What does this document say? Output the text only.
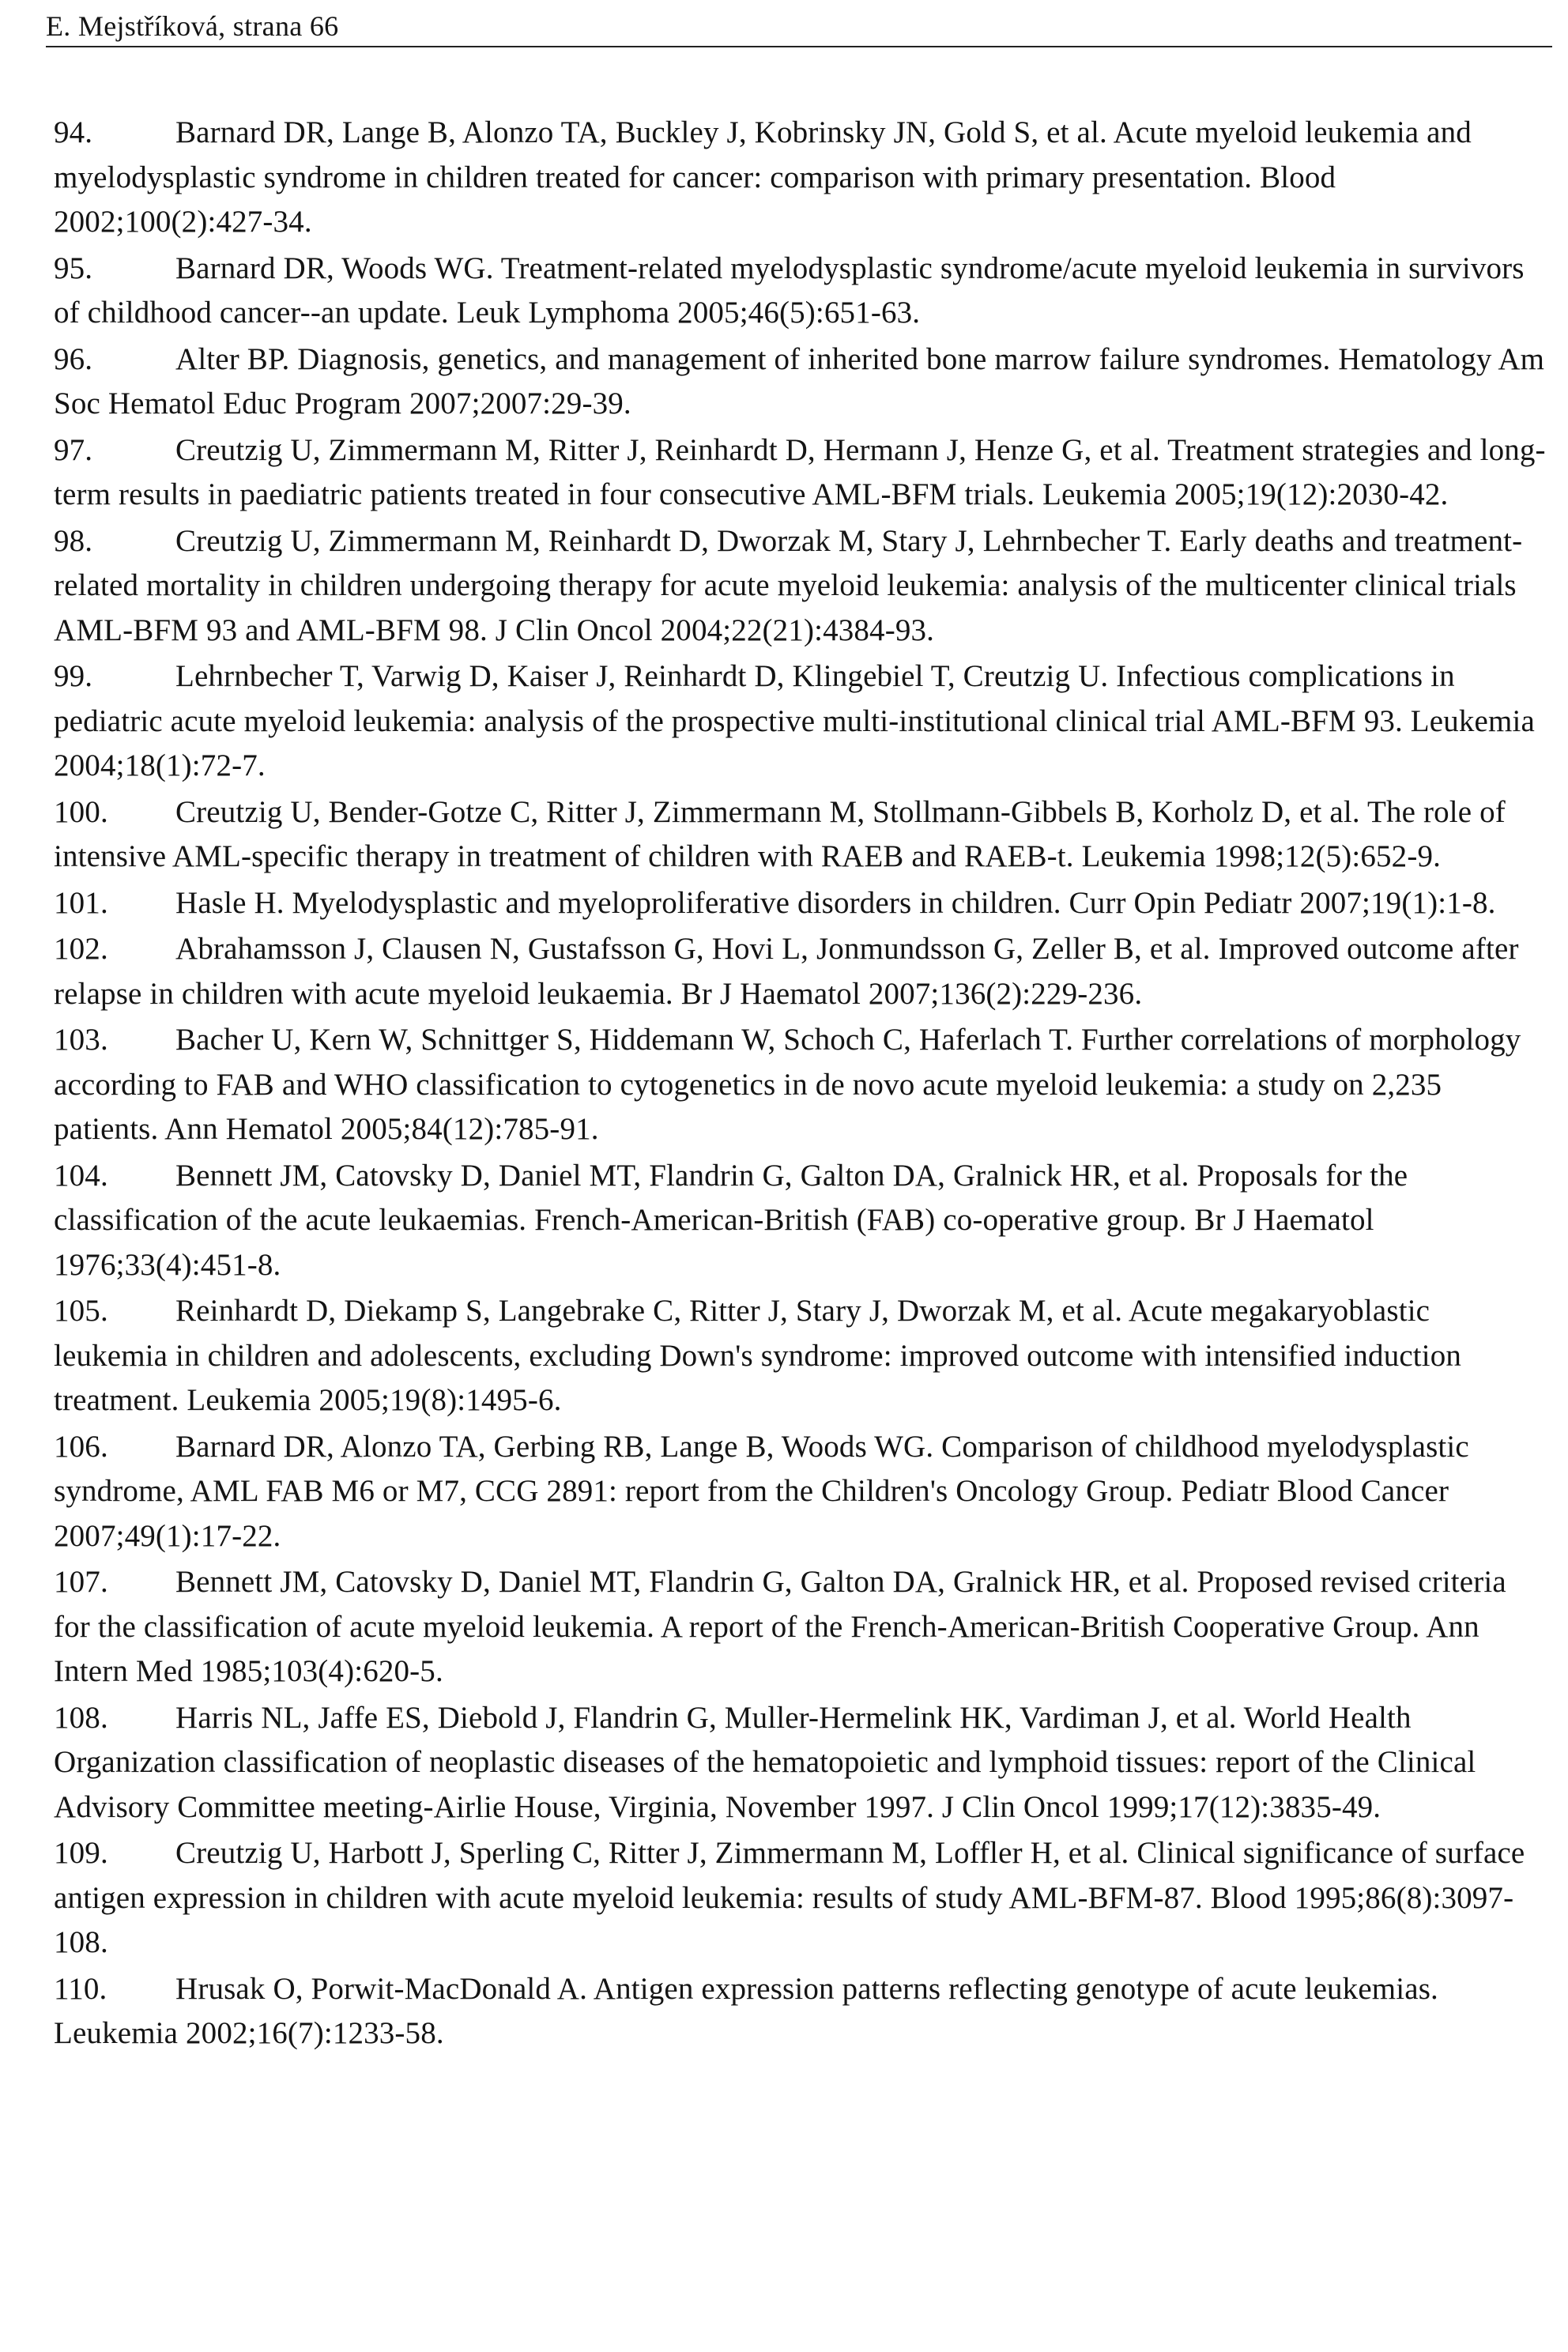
E. Mejstříková, strana 66
94.	Barnard DR, Lange B, Alonzo TA, Buckley J, Kobrinsky JN, Gold S, et al. Acute myeloid leukemia and myelodysplastic syndrome in children treated for cancer: comparison with primary presentation. Blood 2002;100(2):427-34.
95.	Barnard DR, Woods WG. Treatment-related myelodysplastic syndrome/acute myeloid leukemia in survivors of childhood cancer--an update. Leuk Lymphoma 2005;46(5):651-63.
96.	Alter BP. Diagnosis, genetics, and management of inherited bone marrow failure syndromes. Hematology Am Soc Hematol Educ Program 2007;2007:29-39.
97.	Creutzig U, Zimmermann M, Ritter J, Reinhardt D, Hermann J, Henze G, et al. Treatment strategies and long-term results in paediatric patients treated in four consecutive AML-BFM trials. Leukemia 2005;19(12):2030-42.
98.	Creutzig U, Zimmermann M, Reinhardt D, Dworzak M, Stary J, Lehrnbecher T. Early deaths and treatment-related mortality in children undergoing therapy for acute myeloid leukemia: analysis of the multicenter clinical trials AML-BFM 93 and AML-BFM 98. J Clin Oncol 2004;22(21):4384-93.
99.	Lehrnbecher T, Varwig D, Kaiser J, Reinhardt D, Klingebiel T, Creutzig U. Infectious complications in pediatric acute myeloid leukemia: analysis of the prospective multi-institutional clinical trial AML-BFM 93. Leukemia 2004;18(1):72-7.
100. Creutzig U, Bender-Gotze C, Ritter J, Zimmermann M, Stollmann-Gibbels B, Korholz D, et al. The role of intensive AML-specific therapy in treatment of children with RAEB and RAEB-t. Leukemia 1998;12(5):652-9.
101. Hasle H. Myelodysplastic and myeloproliferative disorders in children. Curr Opin Pediatr 2007;19(1):1-8.
102. Abrahamsson J, Clausen N, Gustafsson G, Hovi L, Jonmundsson G, Zeller B, et al. Improved outcome after relapse in children with acute myeloid leukaemia. Br J Haematol 2007;136(2):229-236.
103. Bacher U, Kern W, Schnittger S, Hiddemann W, Schoch C, Haferlach T. Further correlations of morphology according to FAB and WHO classification to cytogenetics in de novo acute myeloid leukemia: a study on 2,235 patients. Ann Hematol 2005;84(12):785-91.
104. Bennett JM, Catovsky D, Daniel MT, Flandrin G, Galton DA, Gralnick HR, et al. Proposals for the classification of the acute leukaemias. French-American-British (FAB) co-operative group. Br J Haematol 1976;33(4):451-8.
105. Reinhardt D, Diekamp S, Langebrake C, Ritter J, Stary J, Dworzak M, et al. Acute megakaryoblastic leukemia in children and adolescents, excluding Down's syndrome: improved outcome with intensified induction treatment. Leukemia 2005;19(8):1495-6.
106. Barnard DR, Alonzo TA, Gerbing RB, Lange B, Woods WG. Comparison of childhood myelodysplastic syndrome, AML FAB M6 or M7, CCG 2891: report from the Children's Oncology Group. Pediatr Blood Cancer 2007;49(1):17-22.
107. Bennett JM, Catovsky D, Daniel MT, Flandrin G, Galton DA, Gralnick HR, et al. Proposed revised criteria for the classification of acute myeloid leukemia. A report of the French-American-British Cooperative Group. Ann Intern Med 1985;103(4):620-5.
108. Harris NL, Jaffe ES, Diebold J, Flandrin G, Muller-Hermelink HK, Vardiman J, et al. World Health Organization classification of neoplastic diseases of the hematopoietic and lymphoid tissues: report of the Clinical Advisory Committee meeting-Airlie House, Virginia, November 1997. J Clin Oncol 1999;17(12):3835-49.
109. Creutzig U, Harbott J, Sperling C, Ritter J, Zimmermann M, Loffler H, et al. Clinical significance of surface antigen expression in children with acute myeloid leukemia: results of study AML-BFM-87. Blood 1995;86(8):3097-108.
110. Hrusak O, Porwit-MacDonald A. Antigen expression patterns reflecting genotype of acute leukemias. Leukemia 2002;16(7):1233-58.
